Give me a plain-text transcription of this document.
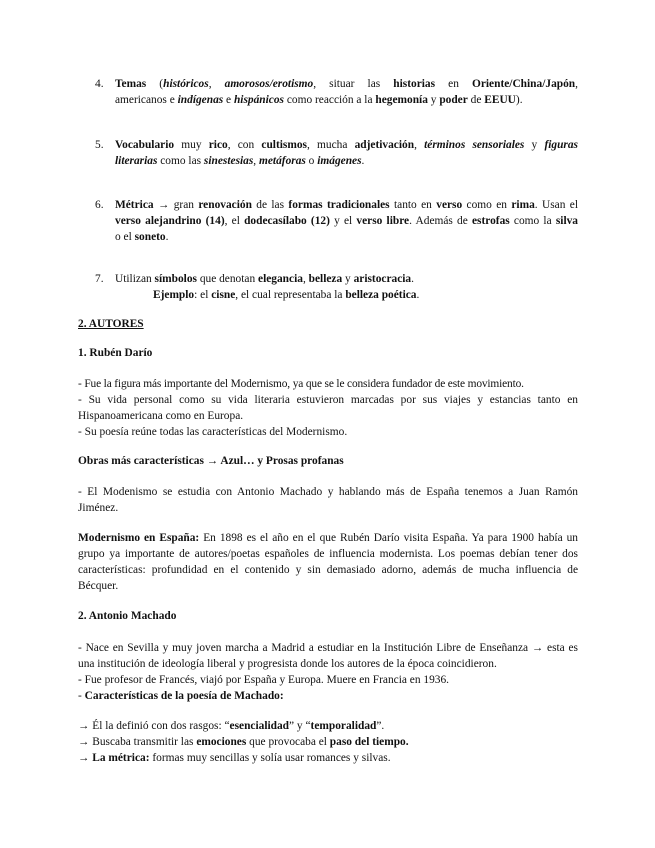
4. Temas (históricos, amorosos/erotismo, situar las historias en Oriente/China/Japón,
americanos e indígenas e hispánicos como reacción a la hegemonía y poder de EEUU).
5. Vocabulario muy rico, con cultismos, mucha adjetivación, términos sensoriales y figuras
literarias como las sinestesias, metáforas o imágenes.
6. Métrica → gran renovación de las formas tradicionales tanto en verso como en rima. Usan el
verso alejandrino (14), el dodecasílabo (12) y el verso libre. Además de estrofas como la silva
o el soneto.
7. Utilizan símbolos que denotan elegancia, belleza y aristocracia.
Ejemplo: el cisne, el cual representaba la belleza poética.
2. AUTORES
1. Rubén Darío
- Fue la figura más importante del Modernismo, ya que se le considera fundador de este movimiento.
- Su vida personal como su vida literaria estuvieron marcadas por sus viajes y estancias tanto en Hispanoamericana como en Europa.
- Su poesía reúne todas las características del Modernismo.
Obras más características → Azul… y Prosas profanas
- El Modenismo se estudia con Antonio Machado y hablando más de España tenemos a Juan Ramón Jiménez.
Modernismo en España: En 1898 es el año en el que Rubén Darío visita España. Ya para 1900 había un grupo ya importante de autores/poetas españoles de influencia modernista. Los poemas debían tener dos características: profundidad en el contenido y sin demasiado adorno, además de mucha influencia de Bécquer.
2. Antonio Machado
- Nace en Sevilla y muy joven marcha a Madrid a estudiar en la Institución Libre de Enseñanza → esta es una institución de ideología liberal y progresista donde los autores de la época coincidieron.
- Fue profesor de Francés, viajó por España y Europa. Muere en Francia en 1936.
- Características de la poesía de Machado:
→ Él la definió con dos rasgos: “esencialidad” y “temporalidad”.
→ Buscaba transmitir las emociones que provocaba el paso del tiempo.
→ La métrica: formas muy sencillas y solía usar romances y silvas.
